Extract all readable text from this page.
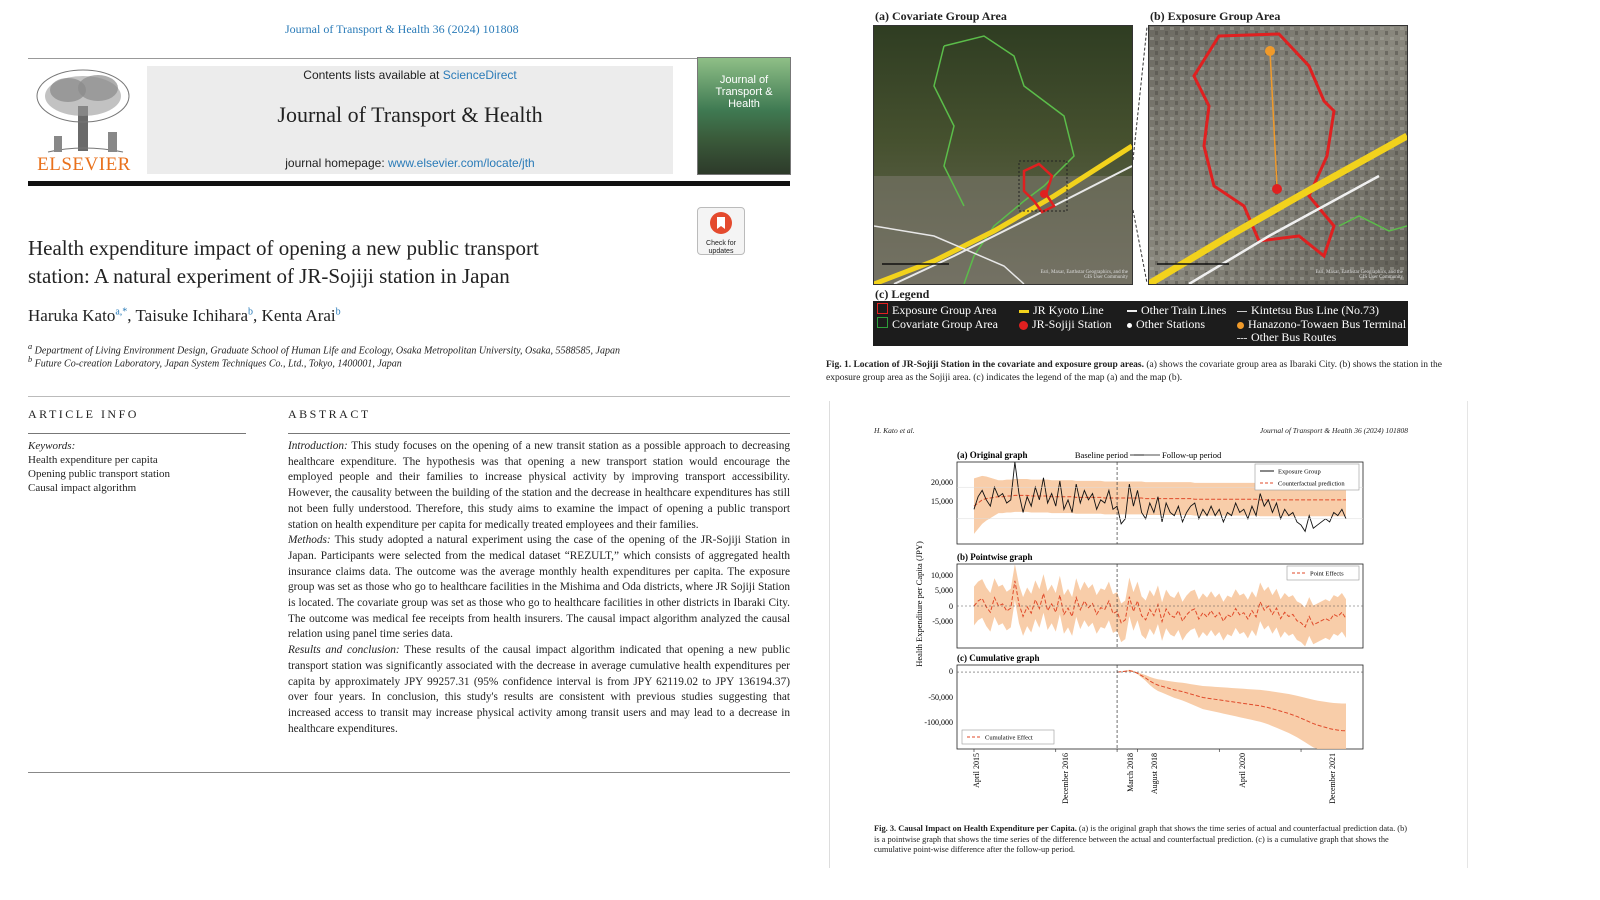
Journal of Transport & Health 36 (2024) 101808
ELSEVIER
Contents lists available at ScienceDirect
Journal of Transport & Health
journal homepage: www.elsevier.com/locate/jth
Journal of Transport & Health
Check for updates
Health expenditure impact of opening a new public transport
station: A natural experiment of JR-Sojiji station in Japan
Haruka Kato$^{a,*}$, Taisuke Ichihara$^b$, Kenta Arai$^b$
$^a$ Department of Living Environment Design, Graduate School of Human Life and Ecology, Osaka Metropolitan University, Osaka, 5588585, Japan
$^b$ Future Co-creation Laboratory, Japan System Techniques Co., Ltd., Tokyo, 1400001, Japan
ARTICLE INFO	ABSTRACT
Keywords:
Health expenditure per capita
Opening public transport station
Causal impact algorithm

Introduction: This study focuses on the opening of a new transit station as a possible approach to decreasing healthcare expenditure. The hypothesis was that opening a new transport station would encourage the employed people and their families to increase physical activity by improving transport accessibility. However, the causality between the building of the station and the decrease in healthcare expenditures has still not been fully understood. Therefore, this study aims to examine the impact of opening a public transport station on health expenditure per capita for medically treated employees and their families.

Methods: This study adopted a natural experiment using the case of the opening of the JR-Sojiji Station in Japan. Participants were selected from the medical dataset “REZULT,” which consists of aggregated health insurance claims data. The outcome was the average monthly health expenditures per capita. The exposure group was set as those who go to healthcare facilities in the Mishima and Oda districts, where JR Sojiji Station is located. The covariate group was set as those who go to healthcare facilities in other districts in Ibaraki City. The outcome was medical fee receipts from health insurers. The causal impact algorithm analyzed the causal relation using panel time series data.

Results and conclusion: These results of the causal impact algorithm indicated that opening a new public transport station was significantly associated with the decrease in average cumulative health expenditures per capita by approximately JPY 99257.31 (95% confidence interval is from JPY 62119.02 to JPY 136194.37) over four years. In conclusion, this study's results are consistent with previous studies suggesting that increased access to transit may increase physical activity among transit users and may lead to a decrease in healthcare expenditures.

(a) Covariate Group Area	(b) Exposure Group Area
Esri, Maxar, Earthstar Geographics, and the GIS User Community
Esri, Maxar, Earthstar Geographics, and the GIS User Community
(c) Legend
Exposure Group Area
Covariate Group Area
JR Kyoto Line
JR-Sojiji Station
Other Train Lines
Other Stations
Kintetsu Bus Line (No.73)
Hanazono-Towaen Bus Terminal
Other Bus Routes
Fig. 1. Location of JR-Sojiji Station in the covariate and exposure group areas. (a) shows the covariate group area as Ibaraki City. (b) shows the station in the exposure group area as the Sojiji area. (c) indicates the legend of the map (a) and the map (b).
H. Kato et al.	Journal of Transport & Health 36 (2024) 101808
(a) Original graph
(b) Pointwise graph
(c) Cumulative graph
Baseline period	Follow-up period
15,000
20,000
-5,000
0
5,000
10,000
-100,000
-50,000
0
Health Expenditure per Capita (JPY)
Exposure Group
Counterfactual prediction
Point Effects
Cumulative Effect
April 2015	December 2016	March 2018 August 2018	April 2020	December 2021
Fig. 3. Causal Impact on Health Expenditure per Capita. (a) is the original graph that shows the time series of actual and counterfactual prediction data. (b) is a pointwise graph that shows the time series of the difference between the actual and counterfactual prediction. (c) is a cumulative graph that shows the cumulative point-wise difference after the follow-up period.
